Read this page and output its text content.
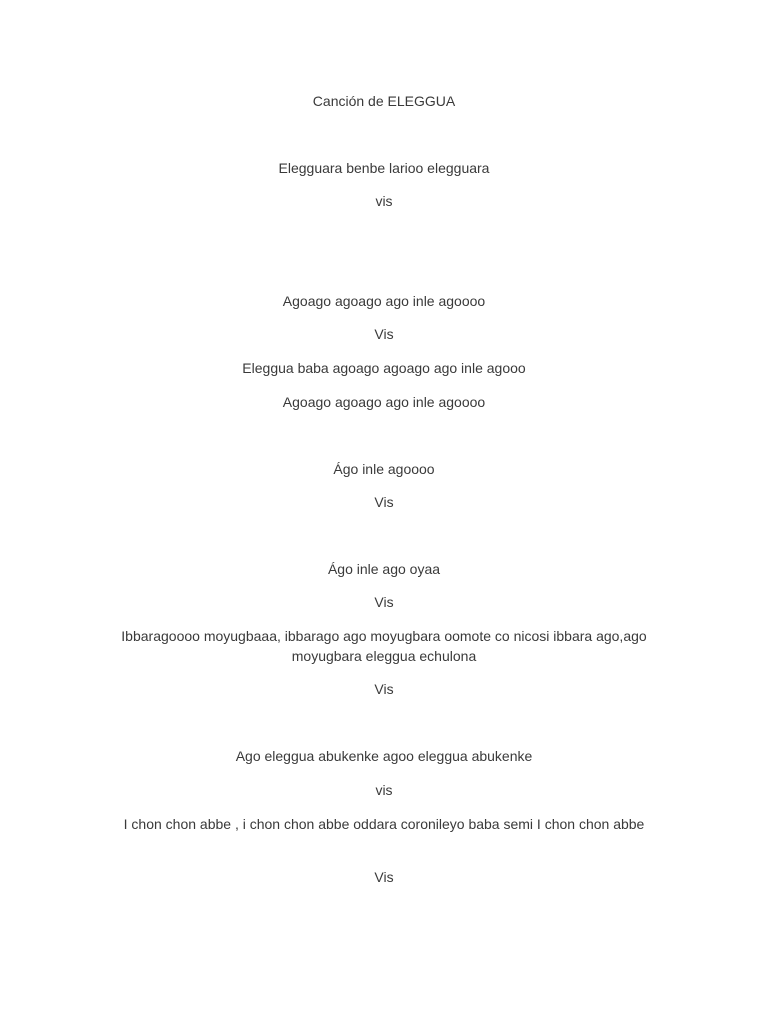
Canción de ELEGGUA
Elegguara benbe larioo elegguara
vis
Agoago agoago ago inle agoooo
Vis
Eleggua baba agoago agoago ago inle agooo
Agoago agoago ago inle agoooo
Ágo inle agoooo
Vis
Ágo inle ago oyaa
Vis
Ibbaragoooo moyugbaaa, ibbarago ago moyugbara oomote co nicosi ibbara ago,ago moyugbara eleggua echulona
Vis
Ago eleggua abukenke agoo eleggua abukenke
vis
I chon chon abbe , i chon chon abbe oddara coronileyo baba semi I chon chon abbe
Vis
